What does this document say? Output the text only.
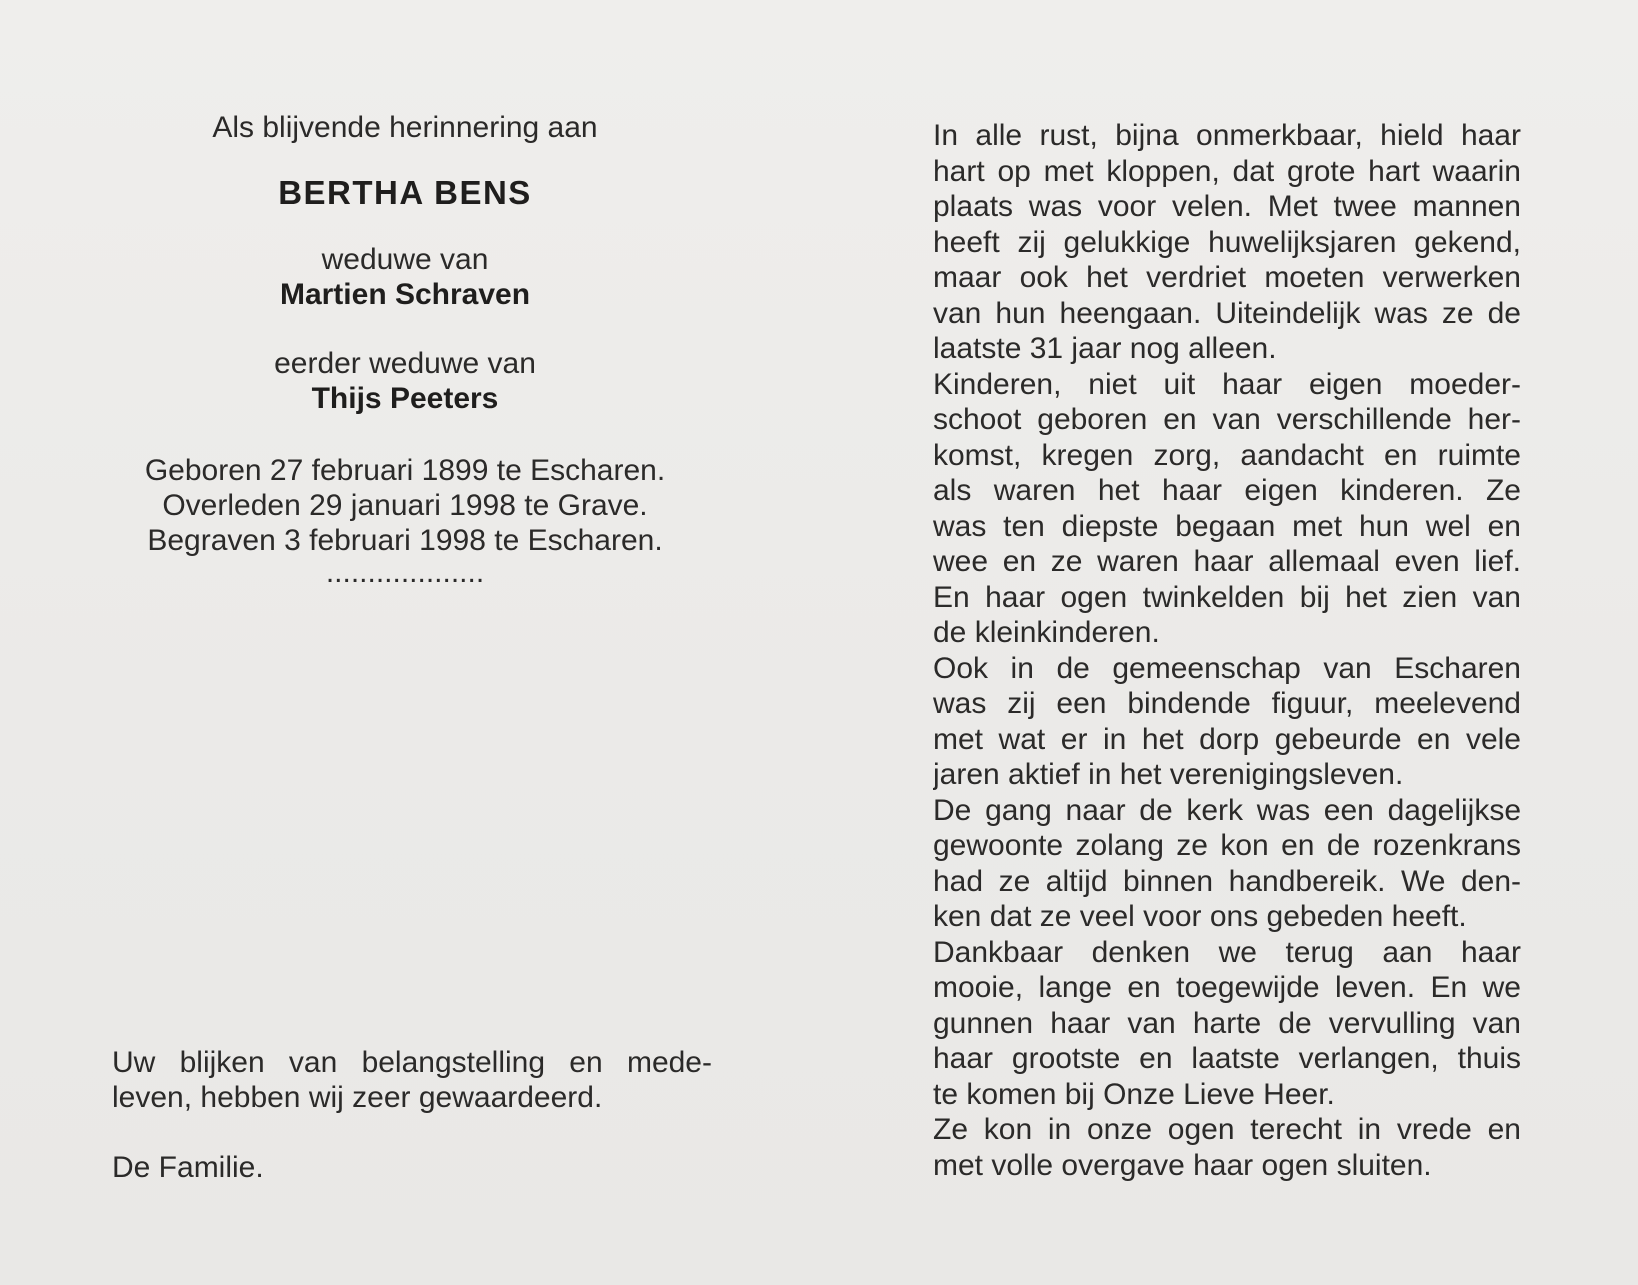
Als blijvende herinnering aan
BERTHA BENS
weduwe van
Martien Schraven
eerder weduwe van
Thijs Peeters
Geboren 27 februari 1899 te Escharen.
Overleden 29 januari 1998 te Grave.
Begraven 3 februari 1998 te Escharen.
...................
Uw blijken van belangstelling en mede-
leven, hebben wij zeer gewaardeerd.
De Familie.
In alle rust, bijna onmerkbaar, hield haar
hart op met kloppen, dat grote hart waarin
plaats was voor velen. Met twee mannen
heeft zij gelukkige huwelijksjaren gekend,
maar ook het verdriet moeten verwerken
van hun heengaan. Uiteindelijk was ze de
laatste 31 jaar nog alleen.
Kinderen, niet uit haar eigen moeder-
schoot geboren en van verschillende her-
komst, kregen zorg, aandacht en ruimte
als waren het haar eigen kinderen. Ze
was ten diepste begaan met hun wel en
wee en ze waren haar allemaal even lief.
En haar ogen twinkelden bij het zien van
de kleinkinderen.
Ook in de gemeenschap van Escharen
was zij een bindende figuur, meelevend
met wat er in het dorp gebeurde en vele
jaren aktief in het verenigingsleven.
De gang naar de kerk was een dagelijkse
gewoonte zolang ze kon en de rozenkrans
had ze altijd binnen handbereik. We den-
ken dat ze veel voor ons gebeden heeft.
Dankbaar denken we terug aan haar
mooie, lange en toegewijde leven. En we
gunnen haar van harte de vervulling van
haar grootste en laatste verlangen, thuis
te komen bij Onze Lieve Heer.
Ze kon in onze ogen terecht in vrede en
met volle overgave haar ogen sluiten.
